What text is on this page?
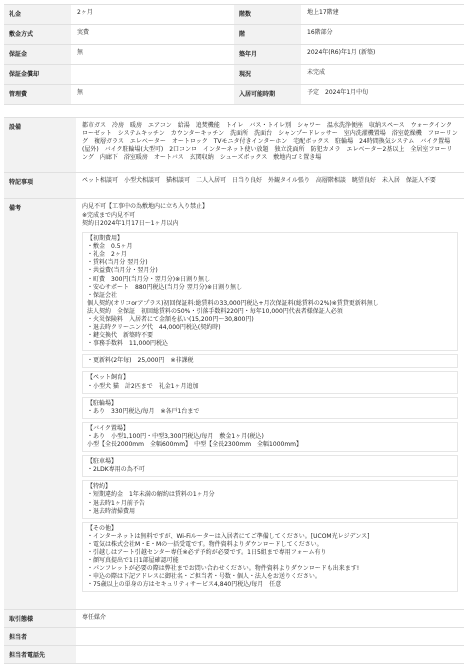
礼金	2ヶ月	階数	地上17階建
敷金方式	実費	階	16階部分
保証金	無	築年月	2024年(R6)年1月 (新築)
保証金償却	現況	未完成
管理費	無	入居可能時期	予定　2024年1月中旬
設備	都市ガス　冷房　暖房　エアコン　給湯　追焚機能　トイレ　バス・トイレ別　シャワー　温水洗浄便座　収納スペース　ウォークインクローゼット　システムキッチン　カウンターキッチン　洗面所　洗面台　シャンプードレッサー　室内洗濯機置場　浴室乾燥機　フローリング　複層ガラス　エレベーター　オートロック　TVモニタ付きインターホン　宅配ボックス　駐輪場　24時間換気システム　バイク置場(屋外)　バイク駐輪場(大型可)　2口コンロ　インターネット使い放題　独立洗面所　防犯カメラ　エレベーター2基以上　全居室フローリング　内廊下　浴室暖房　オートバス　玄関収納　シューズボックス　敷地内ゴミ置き場
特記事項	ペット相談可　小型犬相談可　猫相談可　二人入居可　日当り良好　外観タイル張り　高層階相談　眺望良好　未入居　保証人不要
備考	内見不可【工事中の為敷地内に立ち入り禁止】
※完成まで内見不可
契約日2024年1月17日〜1ヶ月以内
【初期費用】
・敷金　0.5ヶ月
・礼金　2ヶ月
・賃料(当月分 翌月分)
・共益費(当月分・翌月分)
・町費　300円(当月分・翌月分)※日割り無し
・安心サポート　880円税込(当月分 翌月分)※日割り無し
・保証会社
個人契約(オリコorアプラス)初回保証料:総賃料の33,000円税込+月次保証料(総賃料の2%)※賃貸更新料無し
法人契約　全保証　初回総賃料の50%・引落手数料220円・毎年10,000円代表者様保証人必須
・火災保険料　入居者にて金額を払い(15,200円〜30,800円)
・退去時クリーニング代　44,000円税込(契約時)
・鍵交換代　新築時不要
・事務手数料　11,000円税込
・更新料(2年毎)　25,000円　※非課税
【ペット飼育】
・小型犬 猫　計2匹まで　礼金1ヶ月追加
【駐輪場】
・あり　330円税込/毎月　※各戸1台まで
【バイク置場】
・あり　小型1,100円・中型3,300円税込/毎月　敷金1ヶ月(税込)
小型【全長2000mm　全幅600mm】　中型【全長2300mm　全幅1000mm】
【駐車場】
・2LDK専用の為不可
【特約】
・短期違約金　1年未満の解約は賃料の1ヶ月分
・退去時1ヶ月前予告
・退去時清掃費用
【その他】
・インターネットは無料ですが、Wi-Fiルーターは入居者にてご準備してください。[UCOM光レジデンス]
・電気は株式会社M・E・Mの一括受電です。物件資料よりダウンロードしてください。
・引越しはアート引越センター専任※必ず予約が必要です。1日5組まで専用フォーム有り
・顔写真提出で1日1部屋確認可能
・パンフレットが必要の際は弊社までお問い合わせください。物件資料よりダウンロードも出来ます!
・申込の際は下記アドレスに御社名・ご担当者・号数・個人・法人をお送りください。
・75歳以上の単身の方はセキュリティサービス4,840円税込/毎月　任意
取引態様	専任媒介
担当者
担当者電話先
